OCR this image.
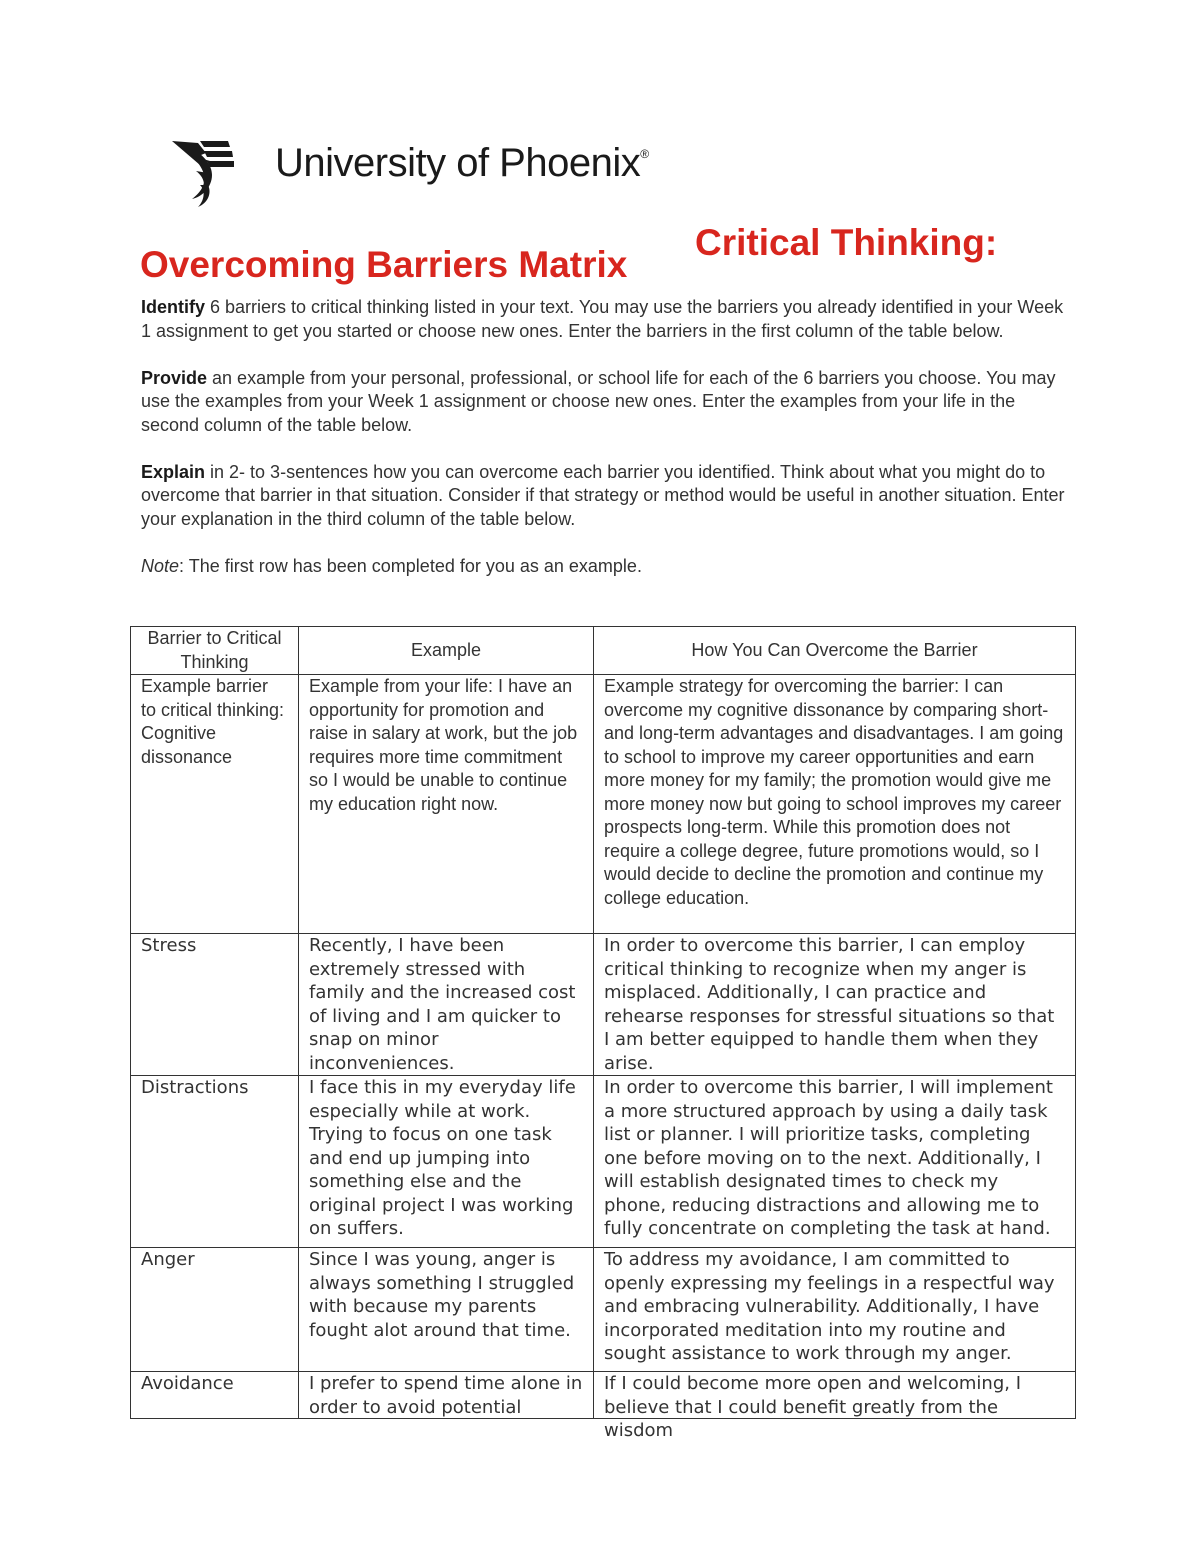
University of Phoenix®
Overcoming Barriers Matrix
Critical Thinking:

Identify 6 barriers to critical thinking listed in your text. You may use the barriers you already identified in your Week 1 assignment to get you started or choose new ones. Enter the barriers in the first column of the table below.

Provide an example from your personal, professional, or school life for each of the 6 barriers you choose. You may use the examples from your Week 1 assignment or choose new ones. Enter the examples from your life in the second column of the table below.

Explain in 2- to 3-sentences how you can overcome each barrier you identified. Think about what you might do to overcome that barrier in that situation. Consider if that strategy or method would be useful in another situation. Enter your explanation in the third column of the table below.

Note: The first row has been completed for you as an example.

Barrier to Critical Thinking	Example	How You Can Overcome the Barrier
Example barrier to critical thinking: Cognitive dissonance	Example from your life: I have an opportunity for promotion and raise in salary at work, but the job requires more time commitment so I would be unable to continue my education right now.	Example strategy for overcoming the barrier: I can overcome my cognitive dissonance by comparing short- and long-term advantages and disadvantages. I am going to school to improve my career opportunities and earn more money for my family; the promotion would give me more money now but going to school improves my career prospects long-term. While this promotion does not require a college degree, future promotions would, so I would decide to decline the promotion and continue my college education.
Stress	Recently, I have been extremely stressed with family and the increased cost of living and I am quicker to snap on minor inconveniences.	In order to overcome this barrier, I can employ critical thinking to recognize when my anger is misplaced. Additionally, I can practice and rehearse responses for stressful situations so that I am better equipped to handle them when they arise.
Distractions	I face this in my everyday life especially while at work. Trying to focus on one task and end up jumping into something else and the original project I was working on suffers.	In order to overcome this barrier, I will implement a more structured approach by using a daily task list or planner. I will prioritize tasks, completing one before moving on to the next. Additionally, I will establish designated times to check my phone, reducing distractions and allowing me to fully concentrate on completing the task at hand.
Anger	Since I was young, anger is always something I struggled with because my parents fought alot around that time.	To address my avoidance, I am committed to openly expressing my feelings in a respectful way and embracing vulnerability. Additionally, I have incorporated meditation into my routine and sought assistance to work through my anger.

Avoidance	I prefer to spend time alone in order to avoid potential	If I could become more open and welcoming, I believe that I could benefit greatly from the wisdom
